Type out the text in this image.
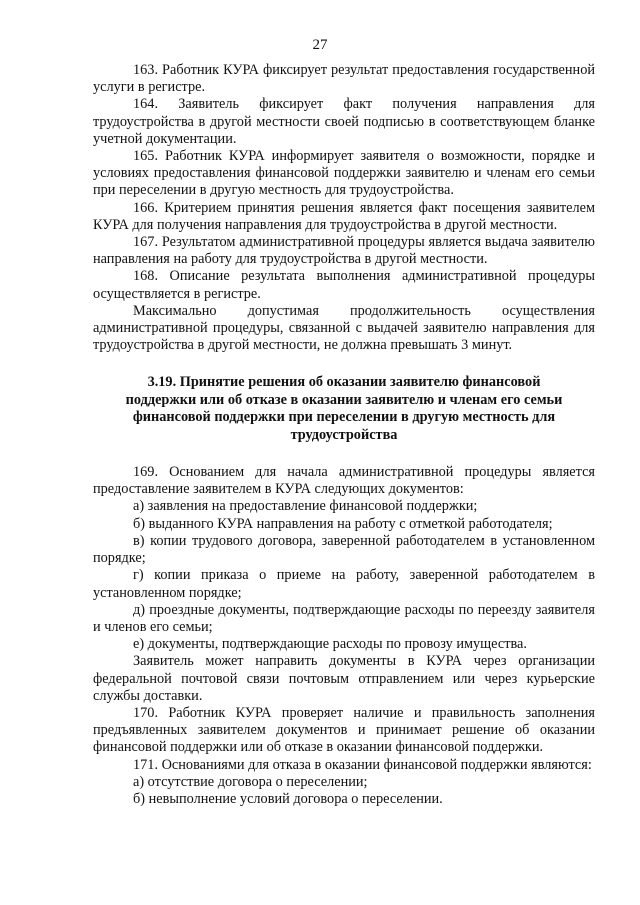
27

163. Работник КУРА фиксирует результат предоставления государственной услуги в регистре.

164. Заявитель фиксирует факт получения направления для трудоустройства в другой местности своей подписью в соответствующем бланке учетной документации.

165. Работник КУРА информирует заявителя о возможности, порядке и условиях предоставления финансовой поддержки заявителю и членам его семьи при переселении в другую местность для трудоустройства.

166. Критерием принятия решения является факт посещения заявителем КУРА для получения направления для трудоустройства в другой местности.

167. Результатом административной процедуры является выдача заявителю направления на работу для трудоустройства в другой местности.

168. Описание результата выполнения административной процедуры осуществляется в регистре.

Максимально допустимая продолжительность осуществления административной процедуры, связанной с выдачей заявителю направления для трудоустройства в другой местности, не должна превышать 3 минут.

3.19. Принятие решения об оказании заявителю финансовой поддержки или об отказе в оказании заявителю и членам его семьи финансовой поддержки при переселении в другую местность для трудоустройства

169. Основанием для начала административной процедуры является предоставление заявителем в КУРА следующих документов:

а) заявления на предоставление финансовой поддержки;

б) выданного КУРА направления на работу с отметкой работодателя;

в) копии трудового договора, заверенной работодателем в установленном порядке;

г) копии приказа о приеме на работу, заверенной работодателем в установленном порядке;

д) проездные документы, подтверждающие расходы по переезду заявителя и членов его семьи;

е) документы, подтверждающие расходы по провозу имущества.

Заявитель может направить документы в КУРА через организации федеральной почтовой связи почтовым отправлением или через курьерские службы доставки.

170. Работник КУРА проверяет наличие и правильность заполнения предъявленных заявителем документов и принимает решение об оказании финансовой поддержки или об отказе в оказании финансовой поддержки.

171. Основаниями для отказа в оказании финансовой поддержки являются:

а) отсутствие договора о переселении;

б) невыполнение условий договора о переселении.
